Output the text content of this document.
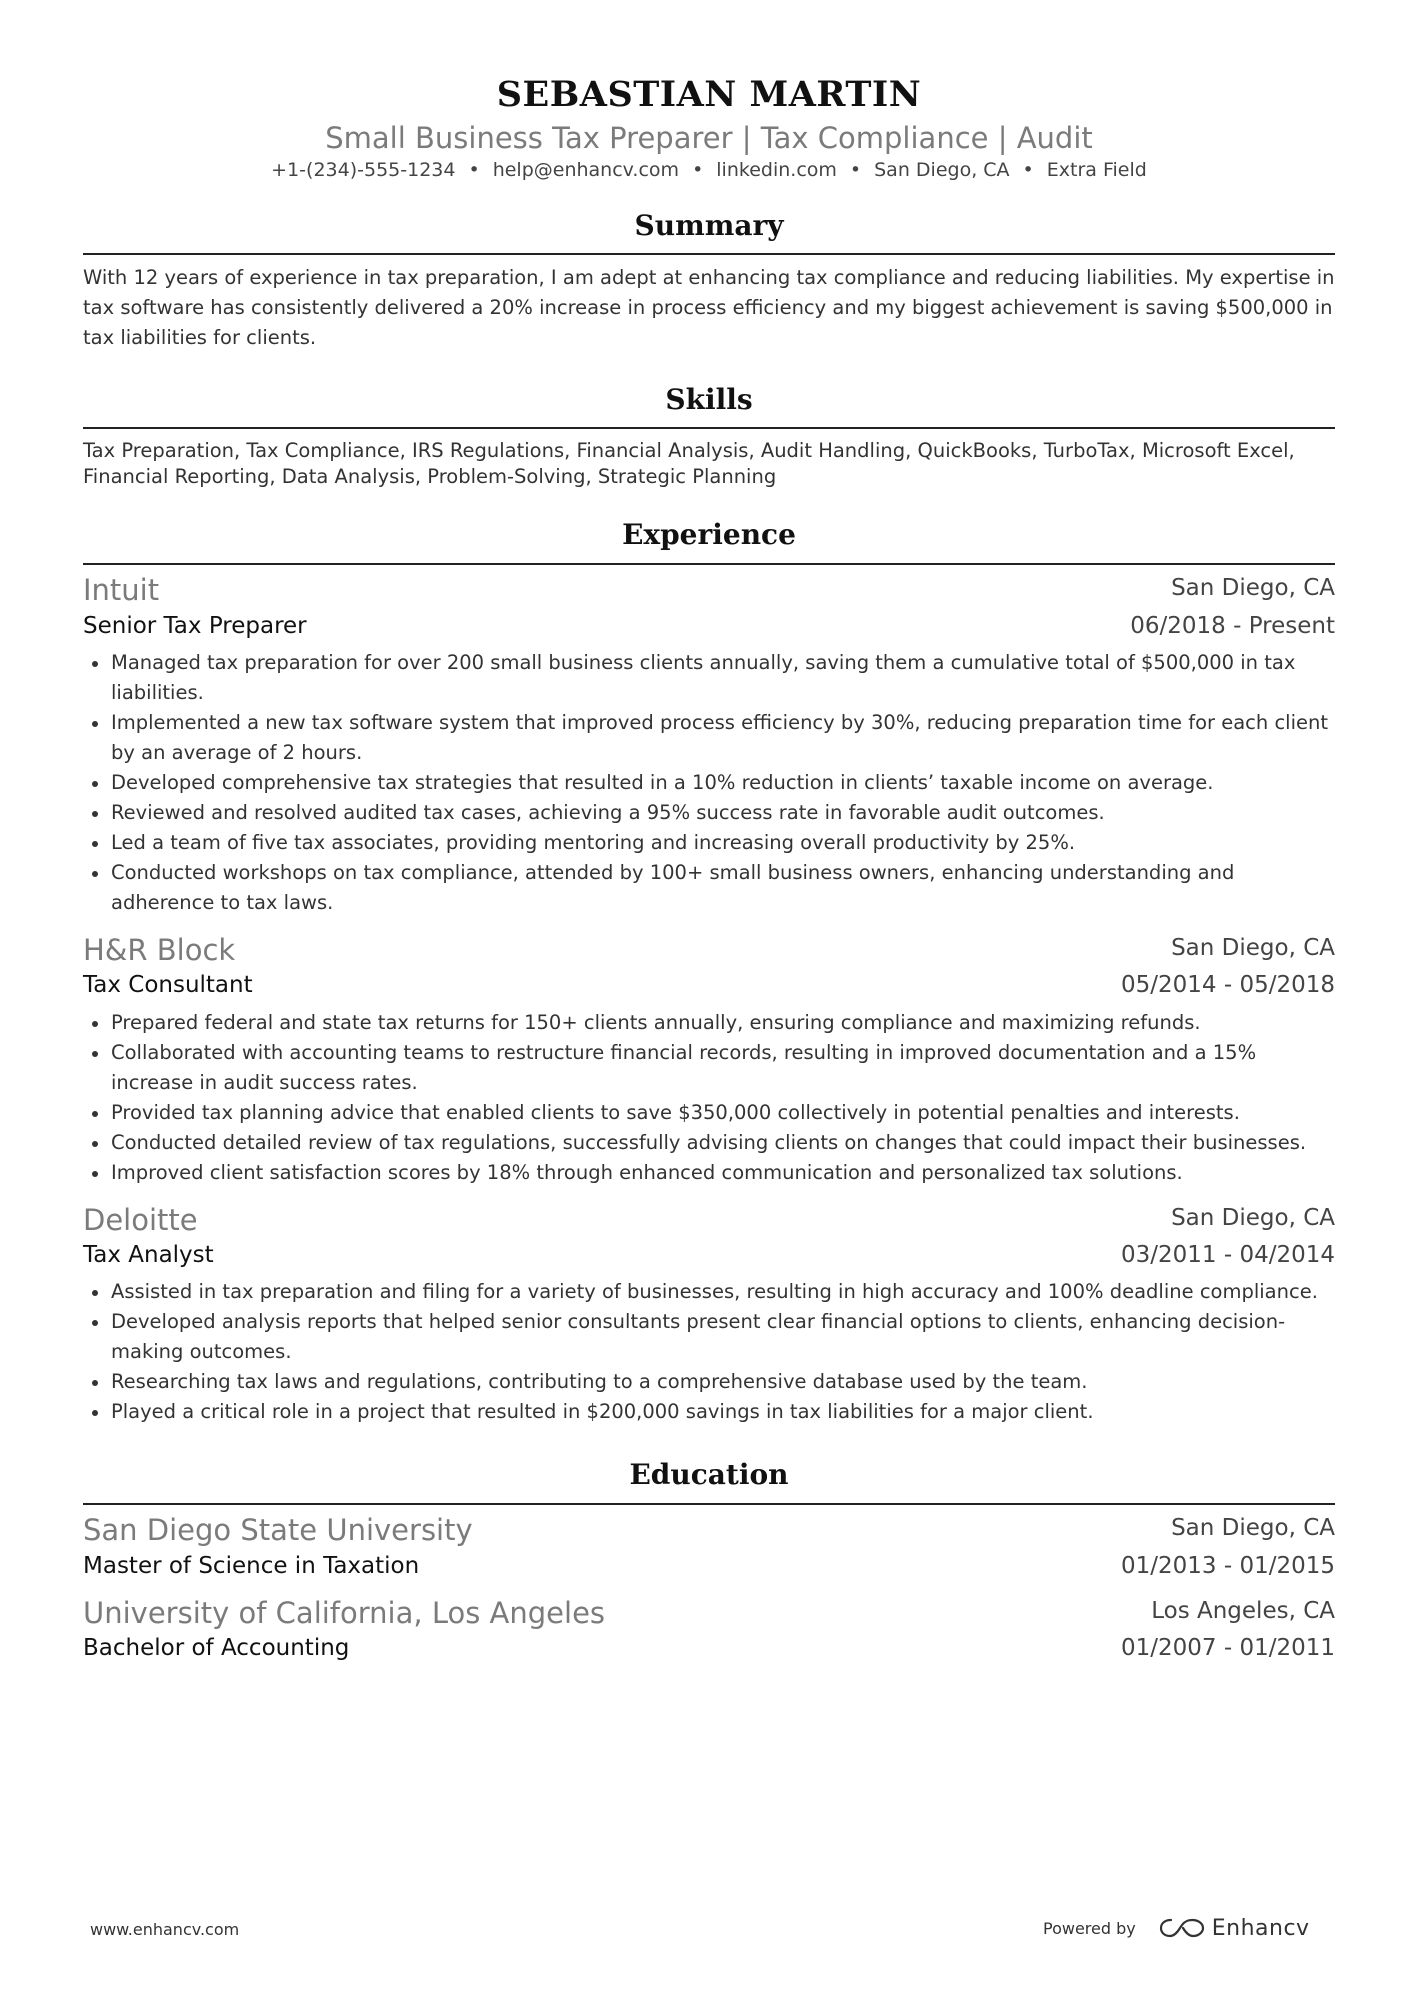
SEBASTIAN MARTIN
Small Business Tax Preparer | Tax Compliance | Audit
+1-(234)-555-1234 • help@enhancv.com • linkedin.com • San Diego, CA • Extra Field
Summary
With 12 years of experience in tax preparation, I am adept at enhancing tax compliance and reducing liabilities. My expertise in tax software has consistently delivered a 20% increase in process efficiency and my biggest achievement is saving $500,000 in tax liabilities for clients.
Skills
Tax Preparation, Tax Compliance, IRS Regulations, Financial Analysis, Audit Handling, QuickBooks, TurboTax, Microsoft Excel, Financial Reporting, Data Analysis, Problem-Solving, Strategic Planning
Experience
Intuit	San Diego, CA
Senior Tax Preparer	06/2018 - Present
Managed tax preparation for over 200 small business clients annually, saving them a cumulative total of $500,000 in tax liabilities.
Implemented a new tax software system that improved process efficiency by 30%, reducing preparation time for each client by an average of 2 hours.
Developed comprehensive tax strategies that resulted in a 10% reduction in clients’ taxable income on average.
Reviewed and resolved audited tax cases, achieving a 95% success rate in favorable audit outcomes.
Led a team of five tax associates, providing mentoring and increasing overall productivity by 25%.
Conducted workshops on tax compliance, attended by 100+ small business owners, enhancing understanding and adherence to tax laws.
H&R Block	San Diego, CA
Tax Consultant	05/2014 - 05/2018
Prepared federal and state tax returns for 150+ clients annually, ensuring compliance and maximizing refunds.
Collaborated with accounting teams to restructure financial records, resulting in improved documentation and a 15% increase in audit success rates.
Provided tax planning advice that enabled clients to save $350,000 collectively in potential penalties and interests.
Conducted detailed review of tax regulations, successfully advising clients on changes that could impact their businesses.
Improved client satisfaction scores by 18% through enhanced communication and personalized tax solutions.
Deloitte	San Diego, CA
Tax Analyst	03/2011 - 04/2014
Assisted in tax preparation and filing for a variety of businesses, resulting in high accuracy and 100% deadline compliance.
Developed analysis reports that helped senior consultants present clear financial options to clients, enhancing decision-making outcomes.
Researching tax laws and regulations, contributing to a comprehensive database used by the team.
Played a critical role in a project that resulted in $200,000 savings in tax liabilities for a major client.
Education
San Diego State University	San Diego, CA
Master of Science in Taxation	01/2013 - 01/2015
University of California, Los Angeles	Los Angeles, CA
Bachelor of Accounting	01/2007 - 01/2011
www.enhancv.com	Powered by	Enhancv
